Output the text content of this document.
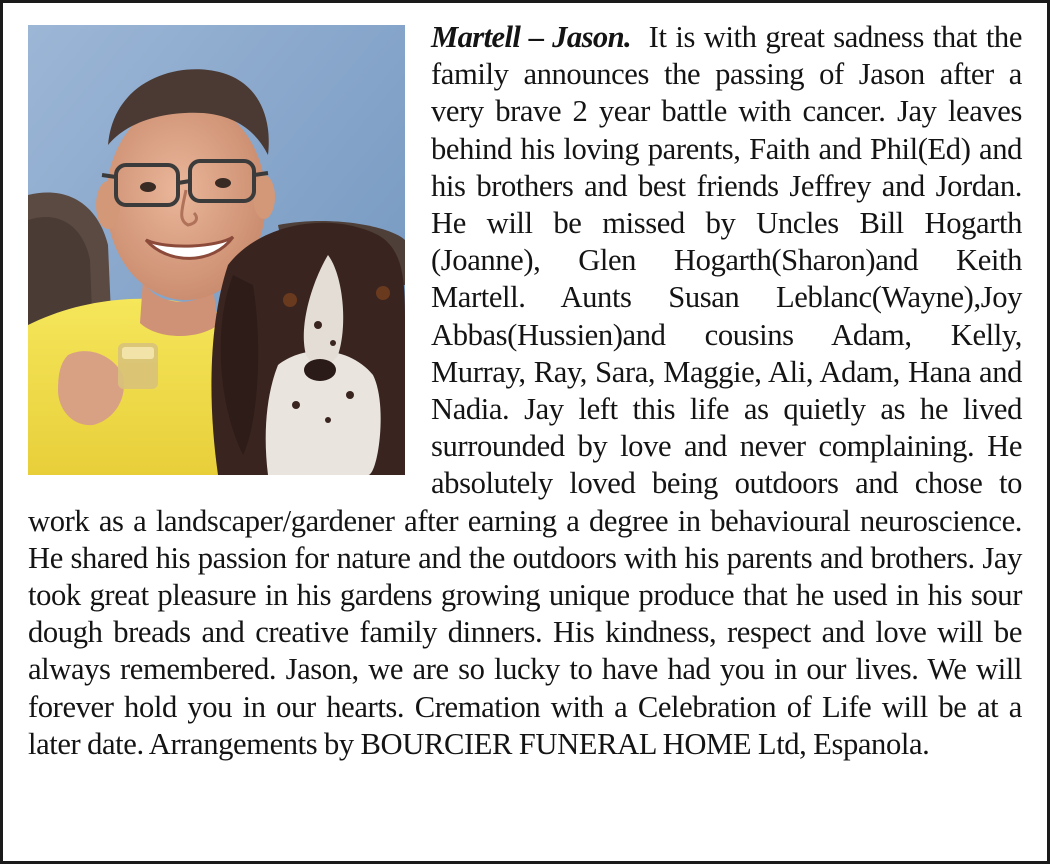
Martell – Jason. It is with great sadness that the family announces the passing of Jason after a very brave 2 year battle with cancer. Jay leaves behind his loving parents, Faith and Phil(Ed) and his brothers and best friends Jeffrey and Jordan. He will be missed by Uncles Bill Hogarth (Joanne), Glen Hogarth(Sharon)and Keith Martell. Aunts Susan Leblanc(Wayne),Joy Abbas(Hussien)and cousins Adam, Kelly, Murray, Ray, Sara, Maggie, Ali, Adam, Hana and Nadia. Jay left this life as quietly as he lived surrounded by love and never complaining. He absolutely loved being outdoors and chose to work as a landscaper/gardener after earning a degree in behavioural neuroscience. He shared his passion for nature and the outdoors with his parents and brothers. Jay took great pleasure in his gardens growing unique produce that he used in his sour dough breads and creative family dinners. His kindness, respect and love will be always remembered. Jason, we are so lucky to have had you in our lives. We will forever hold you in our hearts. Cremation with a Celebration of Life will be at a later date. Arrangements by BOURCIER FUNERAL HOME Ltd, Espanola.
